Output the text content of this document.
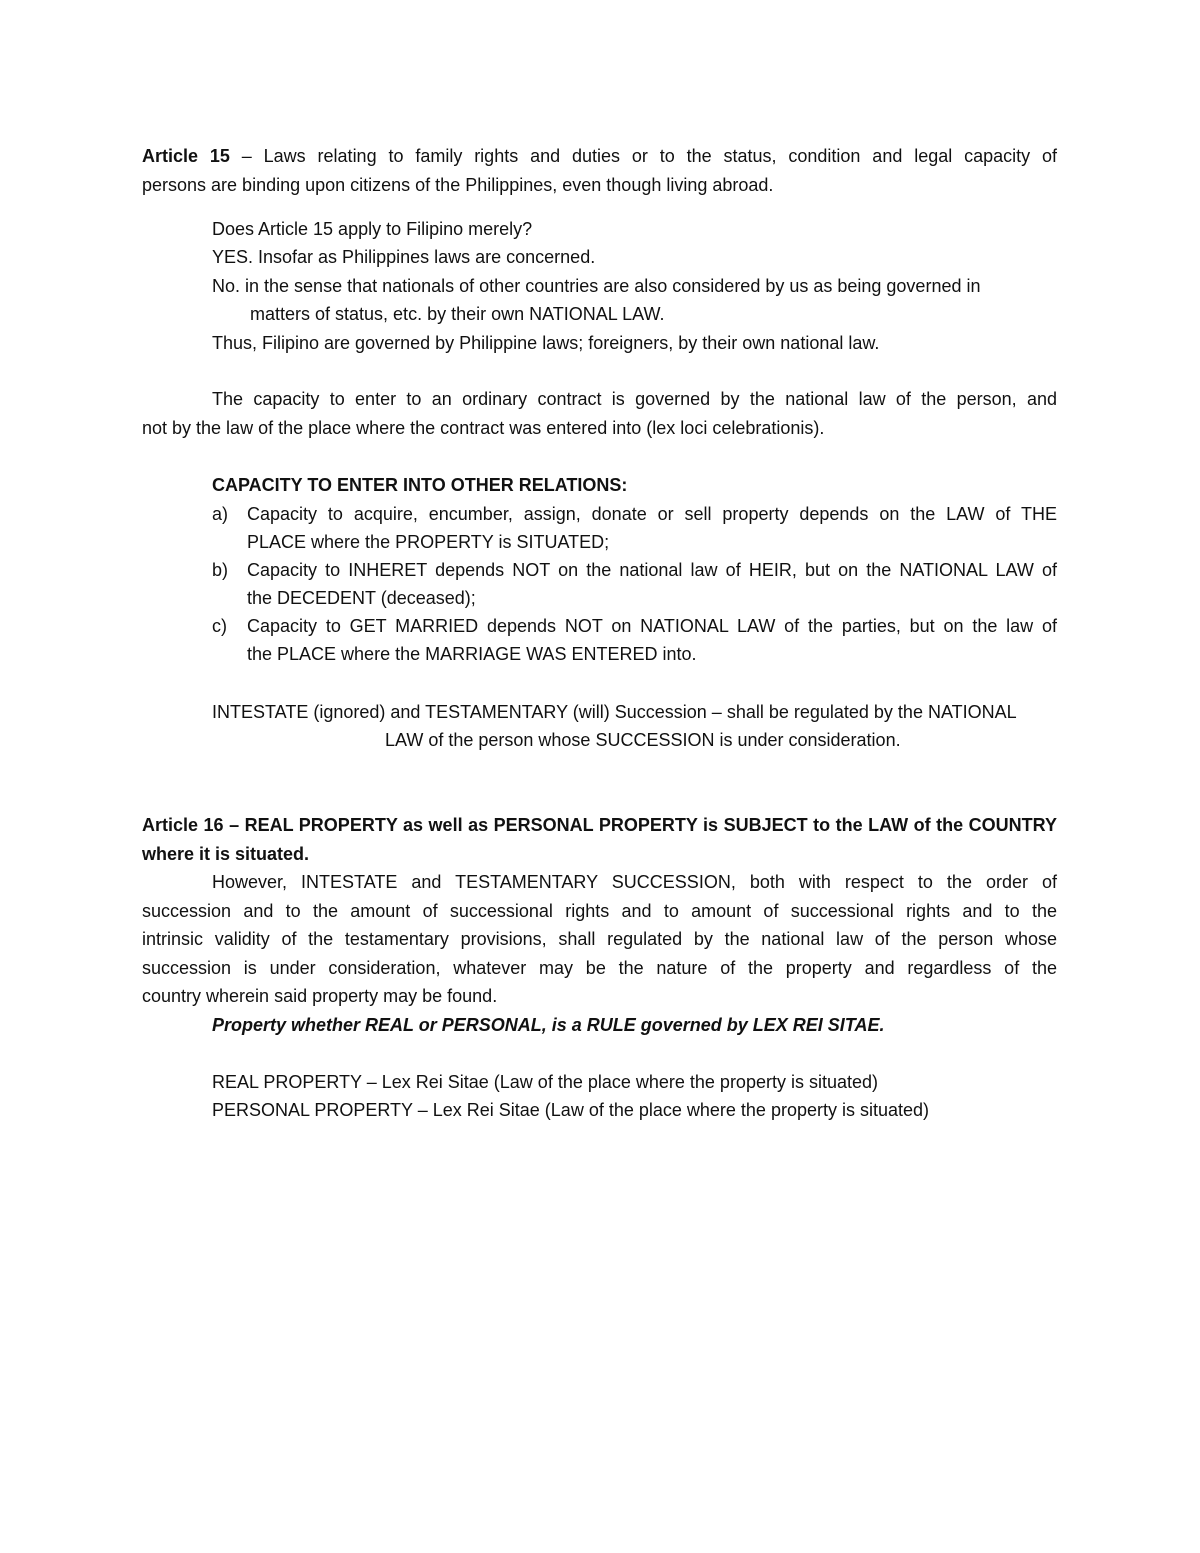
Article 15 – Laws relating to family rights and duties or to the status, condition and legal capacity of
persons are binding upon citizens of the Philippines, even though living abroad.
Does Article 15 apply to Filipino merely?
YES. Insofar as Philippines laws are concerned.
No. in the sense that nationals of other countries are also considered by us as being governed in
matters of status, etc. by their own NATIONAL LAW.
Thus, Filipino are governed by Philippine laws; foreigners, by their own national law.
The capacity to enter to an ordinary contract is governed by the national law of the person, and
not by the law of the place where the contract was entered into (lex loci celebrationis).
CAPACITY TO ENTER INTO OTHER RELATIONS:
a) Capacity to acquire, encumber, assign, donate or sell property depends on the LAW of THE
PLACE where the PROPERTY is SITUATED;
b) Capacity to INHERET depends NOT on the national law of HEIR, but on the NATIONAL LAW of
the DECEDENT (deceased);
c) Capacity to GET MARRIED depends NOT on NATIONAL LAW of the parties, but on the law of
the PLACE where the MARRIAGE WAS ENTERED into.
INTESTATE (ignored) and TESTAMENTARY (will) Succession – shall be regulated by the NATIONAL
LAW of the person whose SUCCESSION is under consideration.
Article 16 – REAL PROPERTY as well as PERSONAL PROPERTY is SUBJECT to the LAW of the COUNTRY
where it is situated.
However, INTESTATE and TESTAMENTARY SUCCESSION, both with respect to the order of
succession and to the amount of successional rights and to amount of successional rights and to the
intrinsic validity of the testamentary provisions, shall regulated by the national law of the person whose
succession is under consideration, whatever may be the nature of the property and regardless of the
country wherein said property may be found.
Property whether REAL or PERSONAL, is a RULE governed by LEX REI SITAE.
REAL PROPERTY – Lex Rei Sitae (Law of the place where the property is situated)
PERSONAL PROPERTY – Lex Rei Sitae (Law of the place where the property is situated)
